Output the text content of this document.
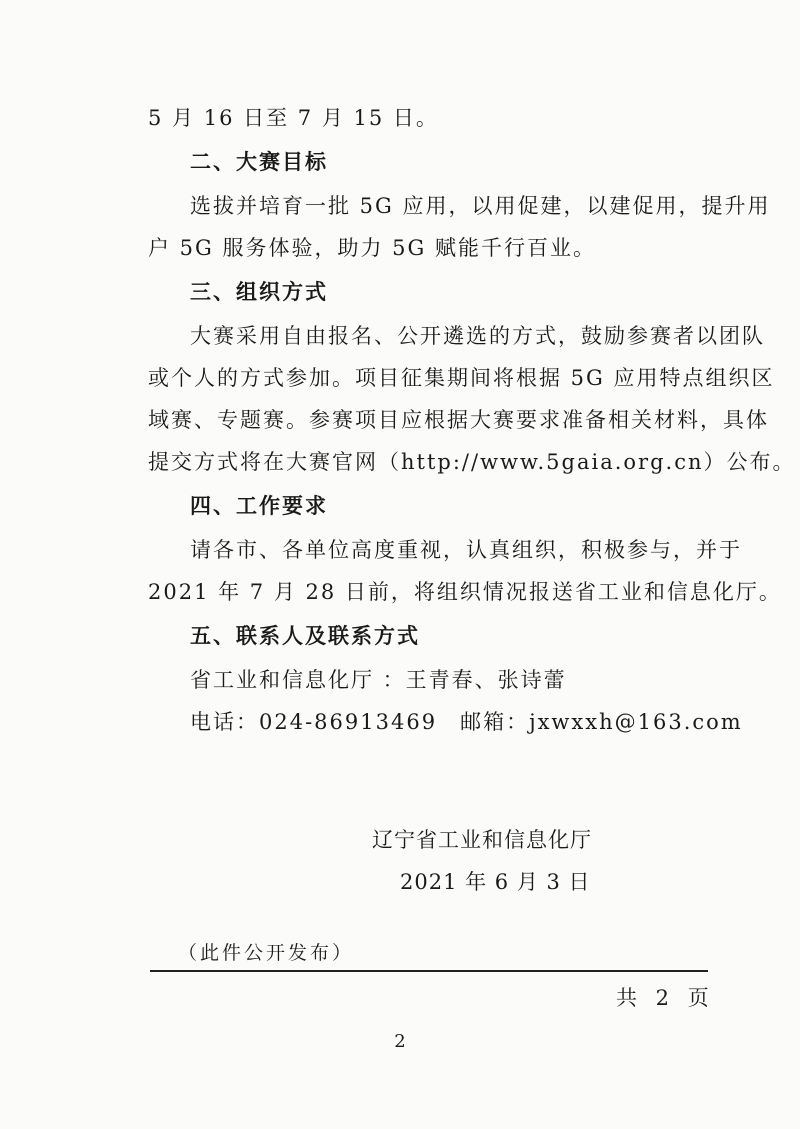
5 月 16 日至 7 月 15 日。
二、大赛目标
选拔并培育一批 5G 应用，以用促建，以建促用，提升用
户 5G 服务体验，助力 5G 赋能千行百业。
三、组织方式
大赛采用自由报名、公开遴选的方式，鼓励参赛者以团队
或个人的方式参加。项目征集期间将根据 5G 应用特点组织区
域赛、专题赛。参赛项目应根据大赛要求准备相关材料，具体
提交方式将在大赛官网（http://www.5gaia.org.cn）公布。
四、工作要求
请各市、各单位高度重视，认真组织，积极参与，并于
2021 年 7 月 28 日前，将组织情况报送省工业和信息化厅。
五、联系人及联系方式
省工业和信息化厅 ：王青春、张诗蕾
电话：024-86913469　邮箱：jxwxxh@163.com
辽宁省工业和信息化厅
2021 年 6 月 3 日
（此件公开发布）
共 2 页
2
